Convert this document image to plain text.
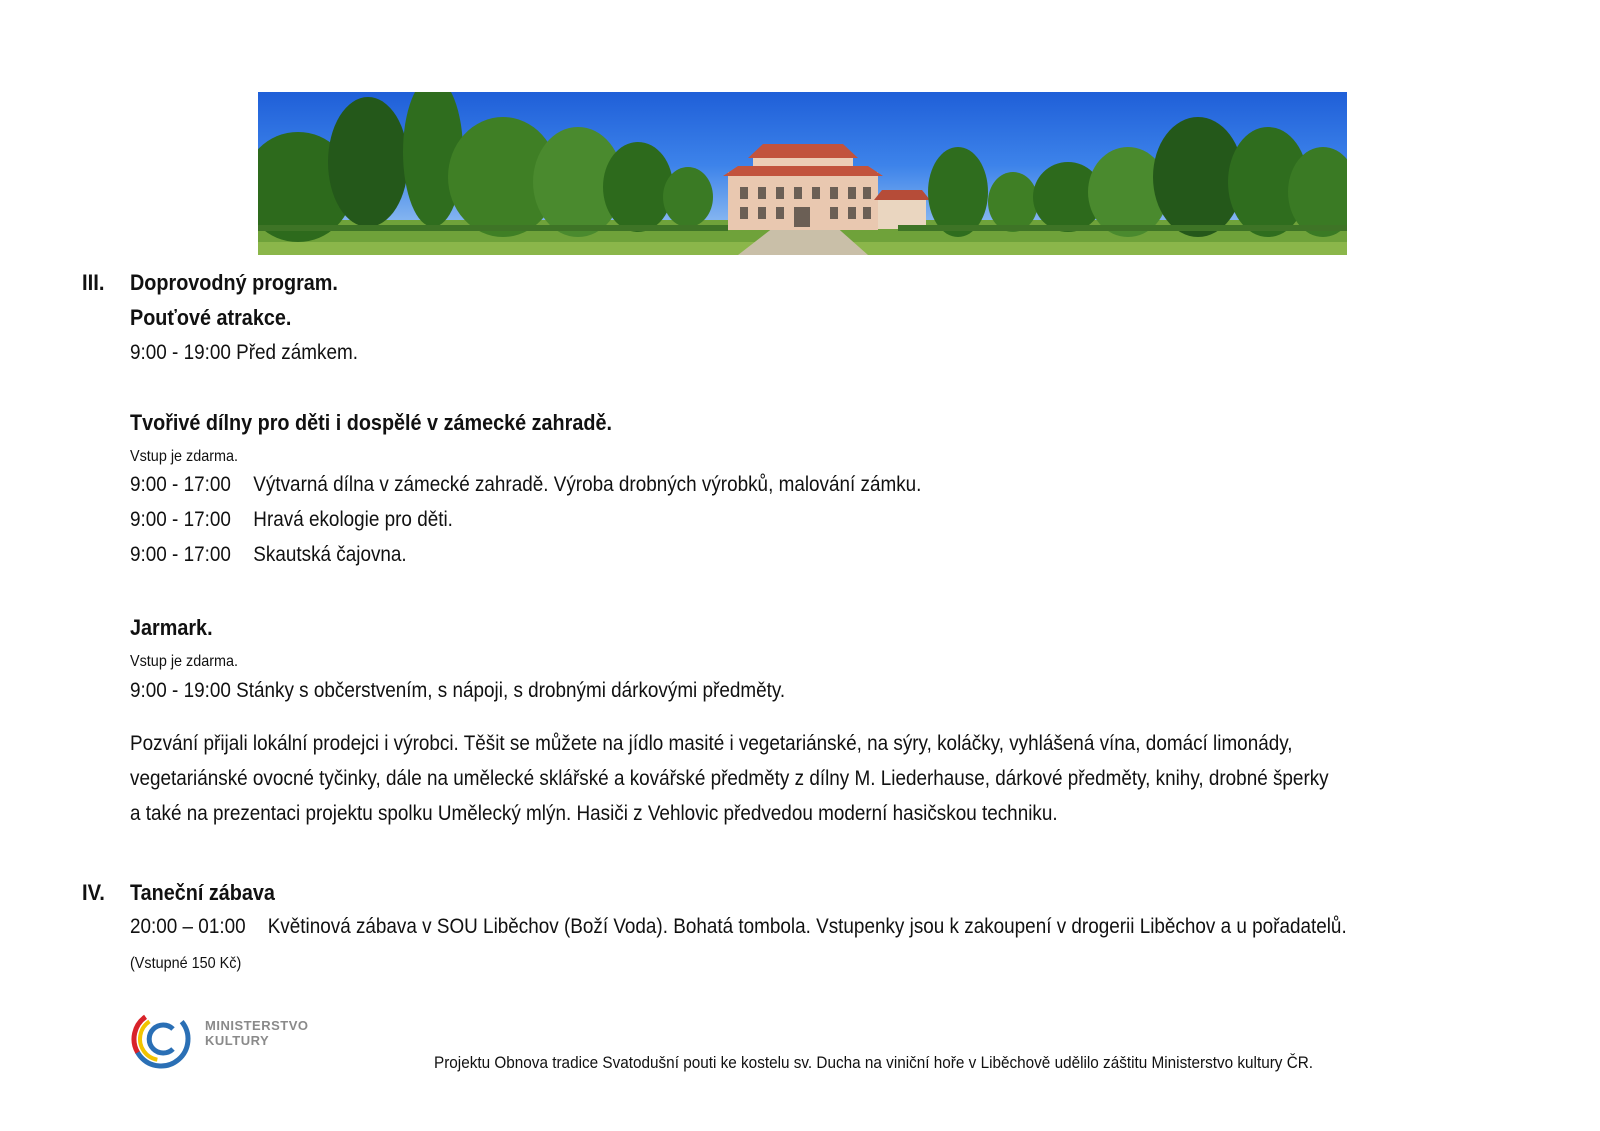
III. Doprovodný program.
Pouťové atrakce.
9:00 - 19:00 Před zámkem.
Tvořivé dílny pro děti i dospělé v zámecké zahradě.
Vstup je zdarma.
9:00 - 17:00 Výtvarná dílna v zámecké zahradě. Výroba drobných výrobků, malování zámku.
9:00 - 17:00 Hravá ekologie pro děti.
9:00 - 17:00 Skautská čajovna.
Jarmark.
Vstup je zdarma.
9:00 - 19:00 Stánky s občerstvením, s nápoji, s drobnými dárkovými předměty.
Pozvání přijali lokální prodejci i výrobci. Těšit se můžete na jídlo masité i vegetariánské, na sýry, koláčky, vyhlášená vína, domácí limonády,
vegetariánské ovocné tyčinky, dále na umělecké sklářské a kovářské předměty z dílny M. Liederhause, dárkové předměty, knihy, drobné šperky
a také na prezentaci projektu spolku Umělecký mlýn. Hasiči z Vehlovic předvedou moderní hasičskou techniku.
IV. Taneční zábava
20:00 – 01:00 Květinová zábava v SOU Liběchov (Boží Voda). Bohatá tombola. Vstupenky jsou k zakoupení v drogerii Liběchov a u pořadatelů.
(Vstupné 150 Kč)
MINISTERSTVO
KULTURY
Projektu Obnova tradice Svatodušní pouti ke kostelu sv. Ducha na viniční hoře v Liběchově udělilo záštitu Ministerstvo kultury ČR.
